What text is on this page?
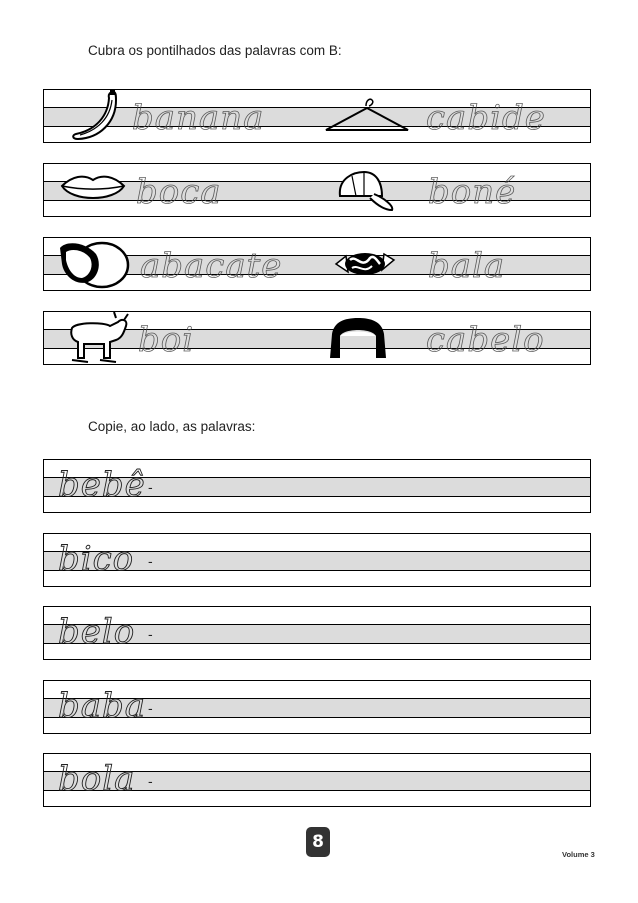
Cubra os pontilhados das palavras com B:
banana	cabide
boca	boné
abacate	bala
boi	cabelo
Copie, ao lado, as palavras:
bebê -
bico -
belo -
baba -
bola -
8
Volume 3
